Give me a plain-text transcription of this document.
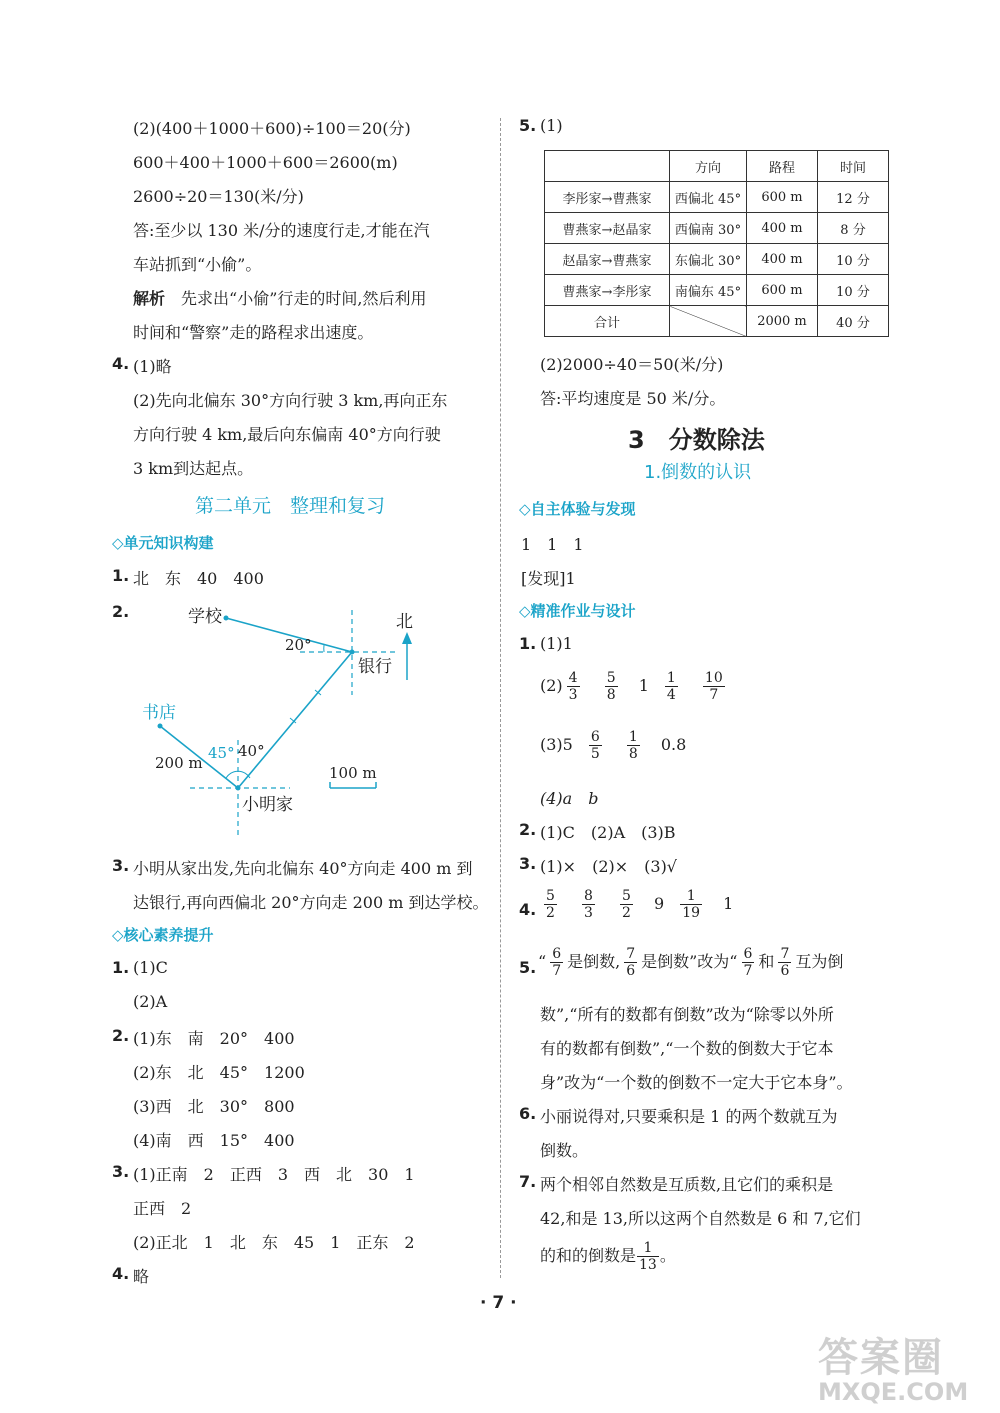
(2)(400＋1000＋600)÷100＝20(分)
600＋400＋1000＋600＝2600(m)
2600÷20＝130(米/分)
答:至少以 130 米/分的速度行走,才能在汽
车站抓到“小偷”。
解析　 先求出“小偷”行走的时间,然后利用
时间和“警察”走的路程求出速度。
4. (1)略
(2)先向北偏东 30°方向行驶 3 km,再向正东
方向行驶 4 km,最后向东偏南 40°方向行驶
3 km到达起点。
第二单元　整理和复习
◇单元知识构建
1. 北　东　40　400
2.	学校
银行
北
书店
小明家
20°
45° 40°
200 m
100 m
3. 小明从家出发,先向北偏东 40°方向走 400 m 到
达银行,再向西偏北 20°方向走 200 m 到达学校。
◇核心素养提升
1. (1)C
(2)A
2. (1)东　南　20°　400
(2)东　北　45°　1200
(3)西　北　30°　800
(4)南　西　15°　400
3. (1)正南　2　正西　3　西　北　30　1
正西　2
(2)正北　1　北　东　45　1　正东　2
4. 略
5. (1)
	方向	路程	时间
李彤家→曹燕家	西偏北 45°	600 m	12 分
曹燕家→赵晶家	西偏南 30°	400 m	8 分
赵晶家→曹燕家	东偏北 30°	400 m	10 分
曹燕家→李彤家	南偏东 45°	600 m	10 分
合计		2000 m	40 分
(2)2000÷40＝50(米/分)
答:平均速度是 50 米/分。
3　 分数除法
1.倒数的认识
◇自主体验与发现
1　1　1
[发现]1
◇精准作业与设计
1. (1)1
$(2) \frac{4}{3}$
$\frac{5}{8} 1 \frac{1}{4}$
$\frac{10}{7}$
$(3)5 \frac{6}{5}$
$\frac{1}{8} 0.8$
(4)a　b
2. (1)C　(2)A　(3)B
3. (1)×　(2)×　(3)√
4. $\frac{5}{2}$
$\frac{8}{3}$
$\frac{5}{2} 9 \frac{1}{19} 1$
5. “ $\frac{6}{7}$ 是倒数, $\frac{7}{6}$ 是倒数”改为“ $\frac{6}{7}$ 和 $\frac{7}{6}$ 互为倒
数”,“所有的数都有倒数”改为“除零以外所
有的数都有倒数”,“一个数的倒数大于它本
身”改为“一个数的倒数不一定大于它本身”。
6. 小丽说得对,只要乘积是 1 的两个数就互为
倒数。
7. 两个相邻自然数是互质数,且它们的乘积是
42,和是 13,所以这两个自然数是 6 和 7,它们
的和的倒数是 $\frac{1}{13}$ 。
· 7 ·
答案圈
MXQE.COM
